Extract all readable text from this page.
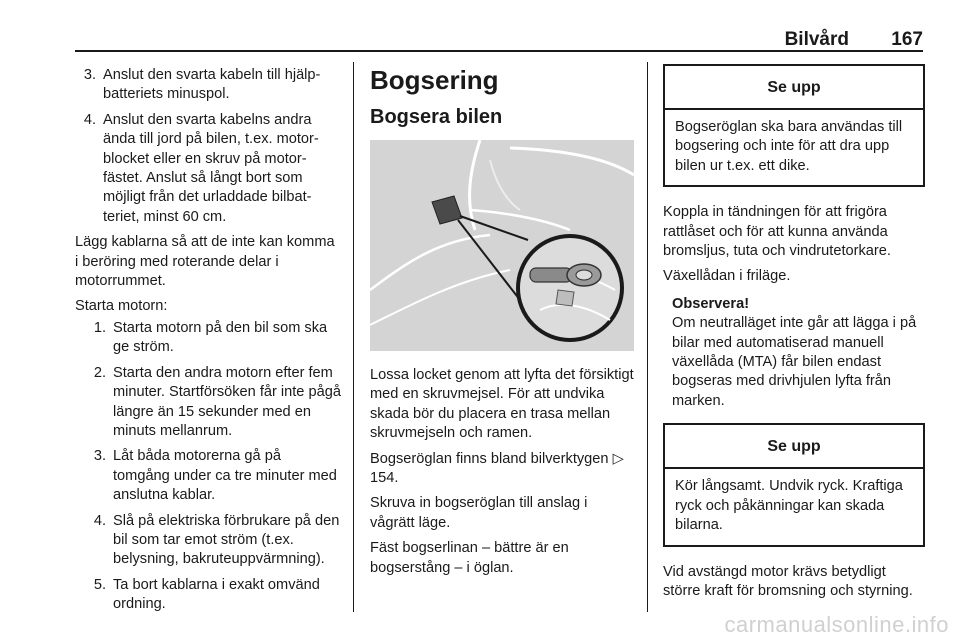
Bilvård 167
3. Anslut den svarta kabeln till hjälpbatteriets minuspol.
4. Anslut den svarta kabelns andra ända till jord på bilen, t.ex. motorblocket eller en skruv på motorfästet. Anslut så långt bort som möjligt från det urladdade bilbatteriet, minst 60 cm.

Lägg kablarna så att de inte kan komma i beröring med roterande delar i motorrummet.

Starta motorn:

1. Starta motorn på den bil som ska ge ström.
2. Starta den andra motorn efter fem minuter. Startförsöken får inte pågå längre än 15 sekunder med en minuts mellanrum.
3. Låt båda motorerna gå på tomgång under ca tre minuter med anslutna kablar.
4. Slå på elektriska förbrukare på den bil som tar emot ström (t.ex. belysning, bakruteuppvärmning).
5. Ta bort kablarna i exakt omvänd ordning.
Bogsering
Bogsera bilen

Lossa locket genom att lyfta det försiktigt med en skruvmejsel. För att undvika skada bör du placera en trasa mellan skruvmejseln och ramen.

Bogseröglan finns bland bilverktygen ▷ 154.

Skruva in bogseröglan till anslag i vågrätt läge.

Fäst bogserlinan – bättre är en bogserstång – i öglan.

Se upp
Bogseröglan ska bara användas till bogsering och inte för att dra upp bilen ur t.ex. ett dike.

Koppla in tändningen för att frigöra rattlåset och för att kunna använda bromsljus, tuta och vindrutetorkare.

Växellådan i friläge.

Observera!
Om neutralläget inte går att lägga i på bilar med automatiserad manuell växellåda (MTA) får bilen endast bogseras med drivhjulen lyfta från marken.
Se upp
Kör långsamt. Undvik ryck. Kraftiga ryck och påkänningar kan skada bilarna.

Vid avstängd motor krävs betydligt större kraft för bromsning och styrning.

carmanualsonline.info
